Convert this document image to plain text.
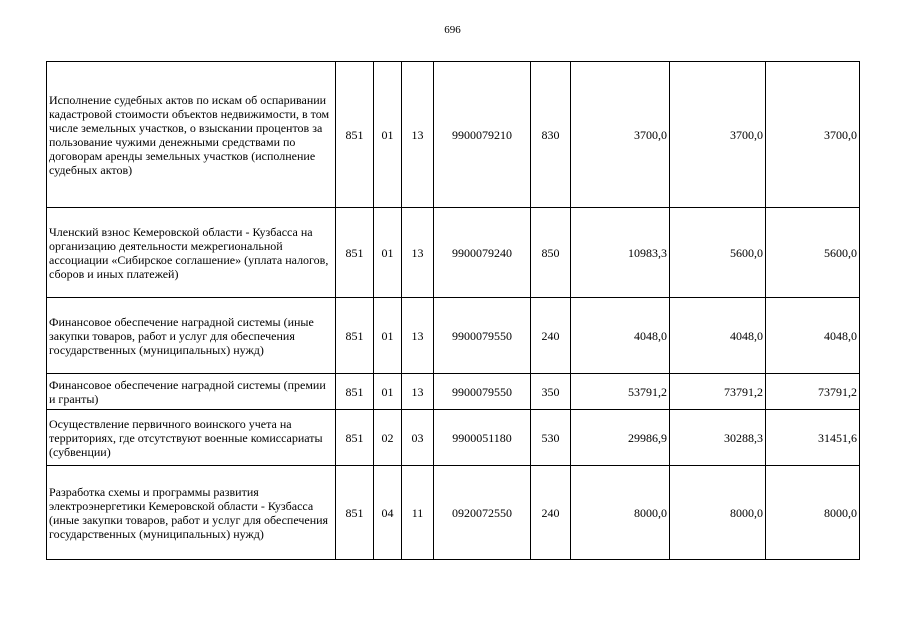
696
Исполнение судебных актов по искам об оспаривании кадастровой стоимости объектов недвижимости, в том числе земельных участков, о взыскании процентов за пользование чужими денежными средствами по договорам аренды земельных участков (исполнение судебных актов)	851	01	13	9900079210	830	3700,0	3700,0	3700,0
Членский взнос Кемеровской области - Кузбасса на организацию деятельности межрегиональной ассоциации «Сибирское соглашение» (уплата налогов, сборов и иных платежей)	851	01	13	9900079240	850	10983,3	5600,0	5600,0
Финансовое обеспечение наградной системы (иные закупки товаров, работ и услуг для обеспечения государственных (муниципальных) нужд)	851	01	13	9900079550	240	4048,0	4048,0	4048,0
Финансовое обеспечение наградной системы (премии и гранты)	851	01	13	9900079550	350	53791,2	73791,2	73791,2
Осуществление первичного воинского учета на территориях, где отсутствуют военные комиссариаты (субвенции)	851	02	03	9900051180	530	29986,9	30288,3	31451,6
Разработка схемы и программы развития электроэнергетики Кемеровской области - Кузбасса (иные закупки товаров, работ и услуг для обеспечения государственных (муниципальных) нужд)	851	04	11	0920072550	240	8000,0	8000,0	8000,0
